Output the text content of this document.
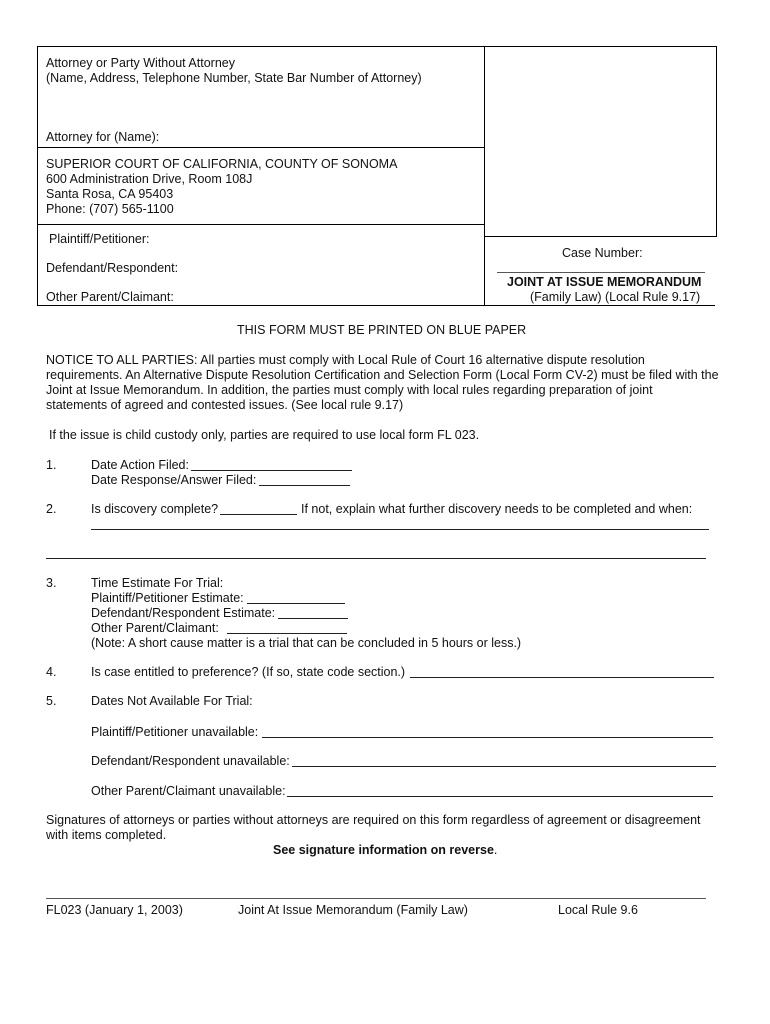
Attorney or Party Without Attorney
(Name, Address, Telephone Number, State Bar Number of Attorney)
Attorney for (Name):
SUPERIOR COURT OF CALIFORNIA, COUNTY OF SONOMA
600 Administration Drive, Room 108J
Santa Rosa, CA 95403
Phone: (707) 565-1100
Plaintiff/Petitioner:
Defendant/Respondent:
Other Parent/Claimant:
Case Number:
JOINT AT ISSUE MEMORANDUM
(Family Law) (Local Rule 9.17)
THIS FORM MUST BE PRINTED ON BLUE PAPER
NOTICE TO ALL PARTIES: All parties must comply with Local Rule of Court 16 alternative dispute resolution
requirements. An Alternative Dispute Resolution Certification and Selection Form (Local Form CV-2) must be filed with the
Joint at Issue Memorandum. In addition, the parties must comply with local rules regarding preparation of joint
statements of agreed and contested issues. (See local rule 9.17)
If the issue is child custody only, parties are required to use local form FL 023.
1.	Date Action Filed:
Date Response/Answer Filed:
2.	Is discovery complete?	If not, explain what further discovery needs to be completed and when:
3.	Time Estimate For Trial:
Plaintiff/Petitioner Estimate:
Defendant/Respondent Estimate:
Other Parent/Claimant:
(Note: A short cause matter is a trial that can be concluded in 5 hours or less.)
4.	Is case entitled to preference? (If so, state code section.)
5.	Dates Not Available For Trial:
Plaintiff/Petitioner unavailable:
Defendant/Respondent unavailable:
Other Parent/Claimant unavailable:
Signatures of attorneys or parties without attorneys are required on this form regardless of agreement or disagreement
with items completed.
See signature information on reverse.
FL023 (January 1, 2003)	Joint At Issue Memorandum (Family Law)	Local Rule 9.6
